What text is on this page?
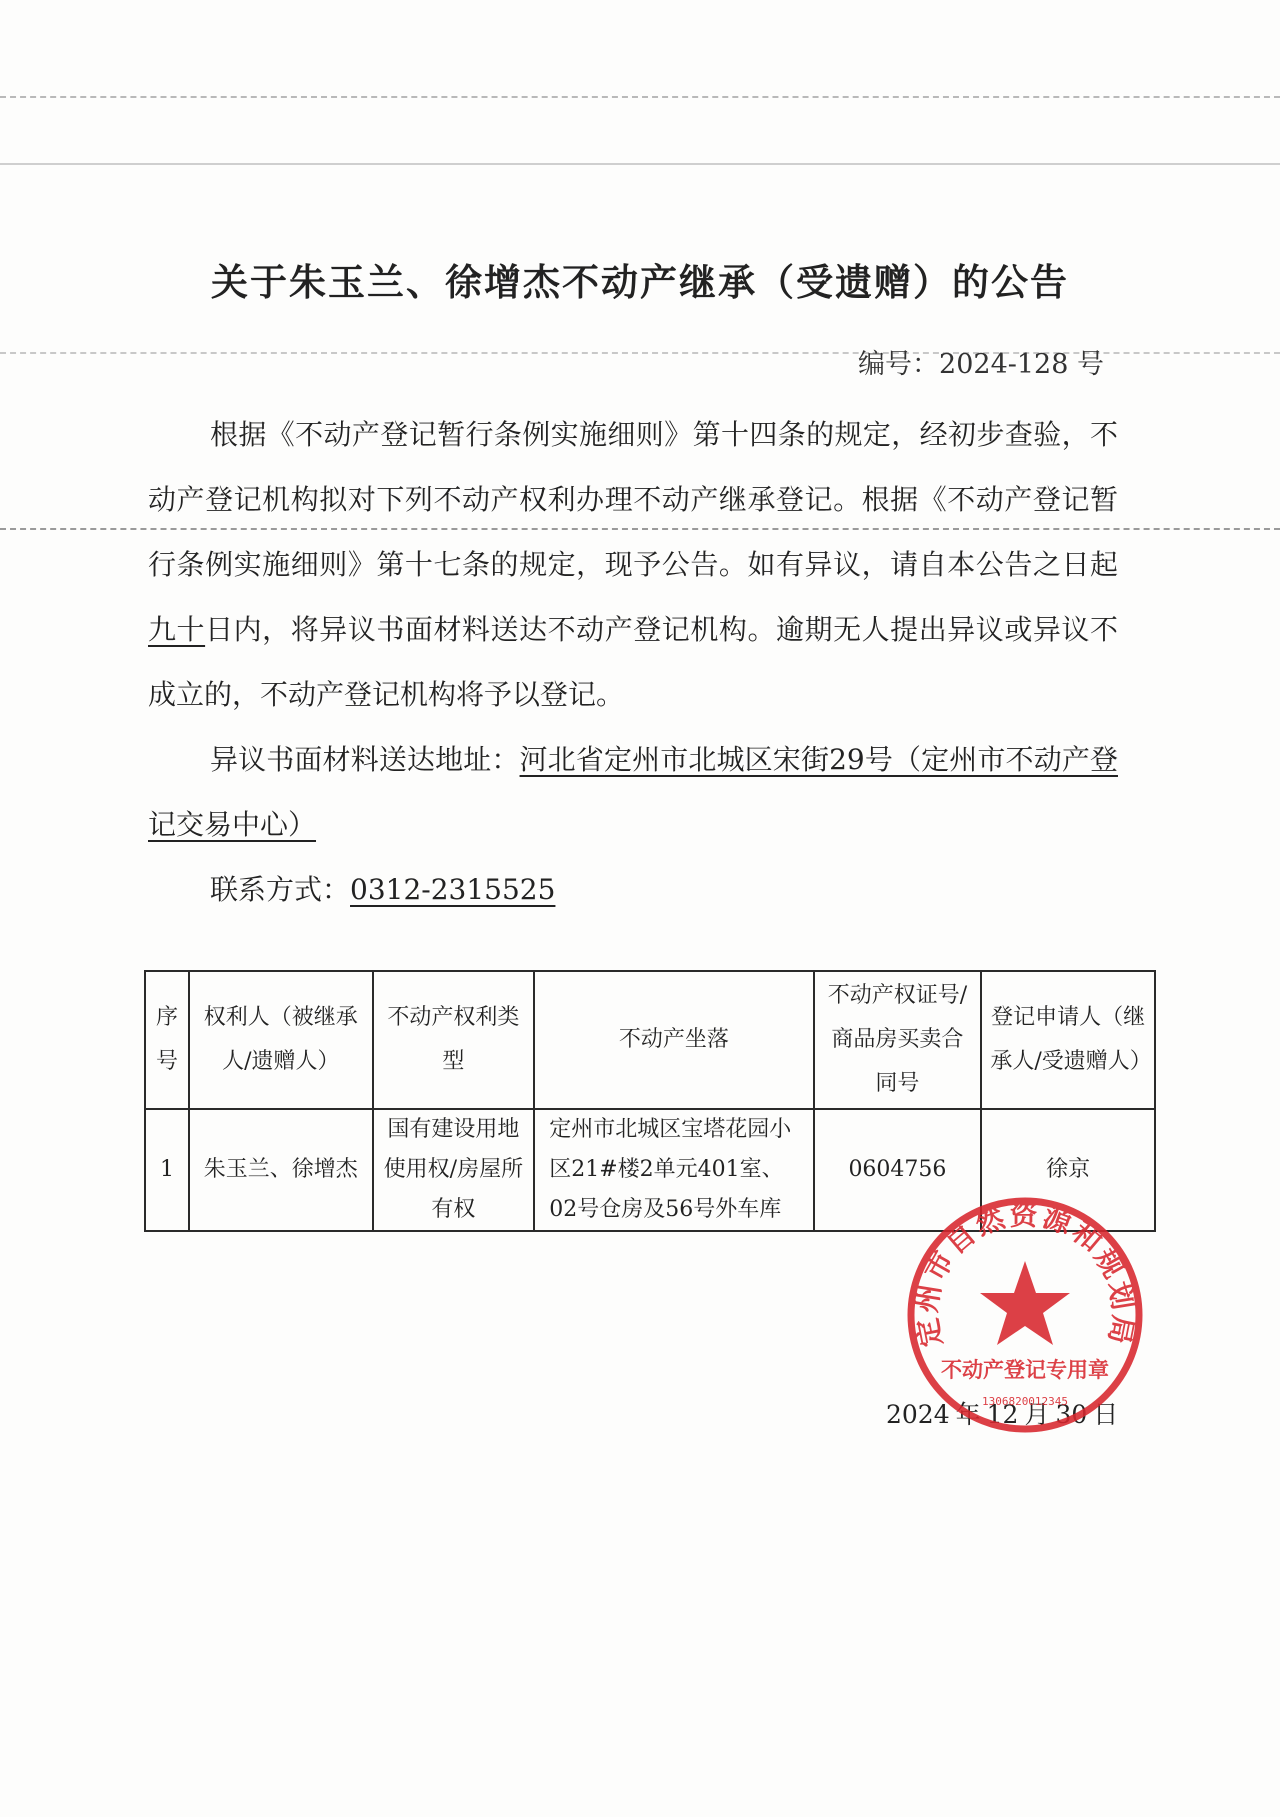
关于朱玉兰、徐增杰不动产继承（受遗赠）的公告
编号：2024-128 号

根据《不动产登记暂行条例实施细则》第十四条的规定，经初步查验，不动产登记机构拟对下列不动产权利办理不动产继承登记。根据《不动产登记暂行条例实施细则》第十七条的规定，现予公告。如有异议，请自本公告之日起九十日内，将异议书面材料送达不动产登记机构。逾期无人提出异议或异议不成立的，不动产登记机构将予以登记。

异议书面材料送达地址：河北省定州市北城区宋街29号（定州市不动产登记交易中心）

联系方式：0312-2315525

序号	权利人（被继承人/遗赠人）	不动产权利类型	不动产坐落	不动产权证号/商品房买卖合同号	登记申请人（继承人/受遗赠人）
1	朱玉兰、徐增杰	国有建设用地使用权/房屋所有权	定州市北城区宝塔花园小区21#楼2单元401室、02号仓房及56号外车库	0604756	徐京
2024 年 12 月 30 日
定州市自然资源和规划局
不动产登记专用章
1306820012345
